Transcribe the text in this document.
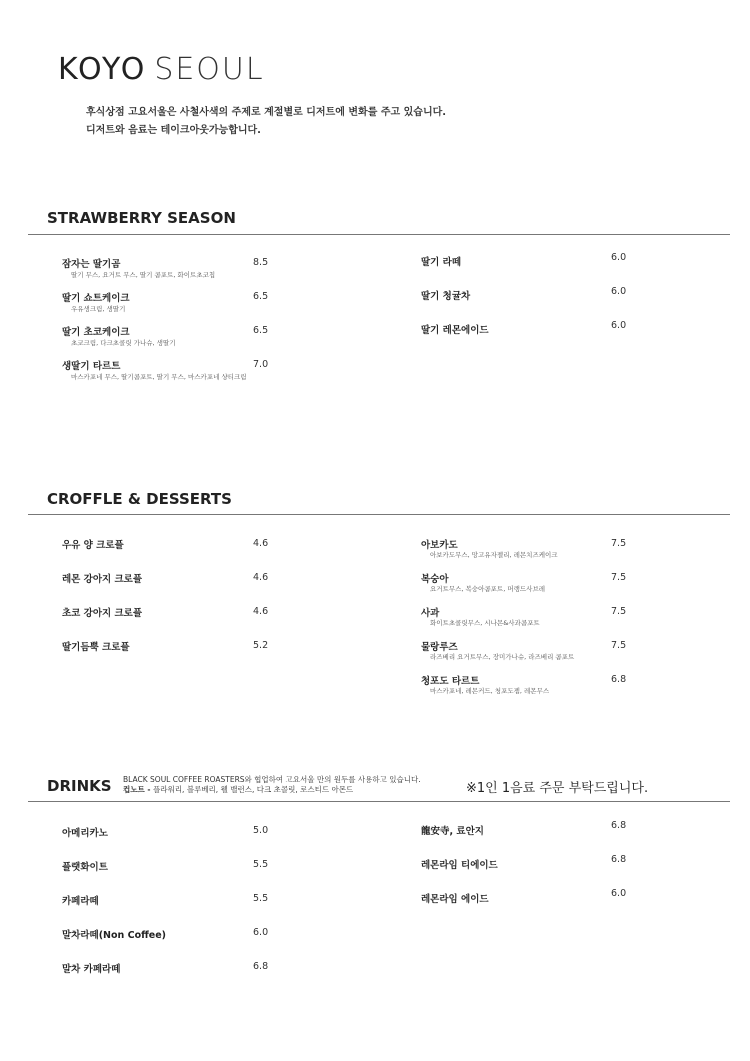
KOYO SEOUL
후식상점 고요서울은 사철사색의 주제로 계절별로 디저트에 변화를 주고 있습니다.
디저트와 음료는 테이크아웃가능합니다.
STRAWBERRY SEASON
잠자는 딸기곰
딸기 무스, 요거트 무스, 딸기 콤포트, 화이트초코칩
8.5
딸기 쇼트케이크
우유생크림, 생딸기
6.5
딸기 초코케이크
초코크림, 다크초콜릿 가나슈, 생딸기
6.5
생딸기 타르트
마스카포네 무스, 딸기콤포트, 딸기 무스, 마스카포네 샹티크림
7.0
딸기 라떼	6.0
딸기 청귤차	6.0
딸기 레몬에이드	6.0
CROFFLE & DESSERTS
우유 양 크로플	4.6
레몬 강아지 크로플	4.6
초코 강아지 크로플	4.6
딸기듬뿍 크로플	5.2
아보카도
아보카도무스, 망고유자젤리, 레몬치즈케이크
7.5
복숭아
요거트무스, 복숭아콤포트, 머랭드사브레
7.5
사과
화이트초콜릿무스, 시나몬&사과콤포트
7.5
물랑루즈
라즈베리 요거트무스, 장미가나슈, 라즈베리 콤포트
7.5
청포도 타르트
마스카포네, 레몬커드, 청포도젬, 레몬무스
6.8
DRINKS BLACK SOUL COFFEE ROASTERS와 협업하여 고요서울 만의 원두를 사용하고 있습니다.
컵노트 - 플라워리, 블루베리, 웰 밸런스, 다크 초콜릿, 로스티드 아몬드	※1인 1음료 주문 부탁드립니다.
아메리카노	5.0
플랫화이트	5.5
카페라떼	5.5
말차라떼(Non Coffee)	6.0
말차 카페라떼	6.8
龍安寺, 료안지
6.8
레몬라임 티에이드
6.8
레몬라임 에이드
6.0
